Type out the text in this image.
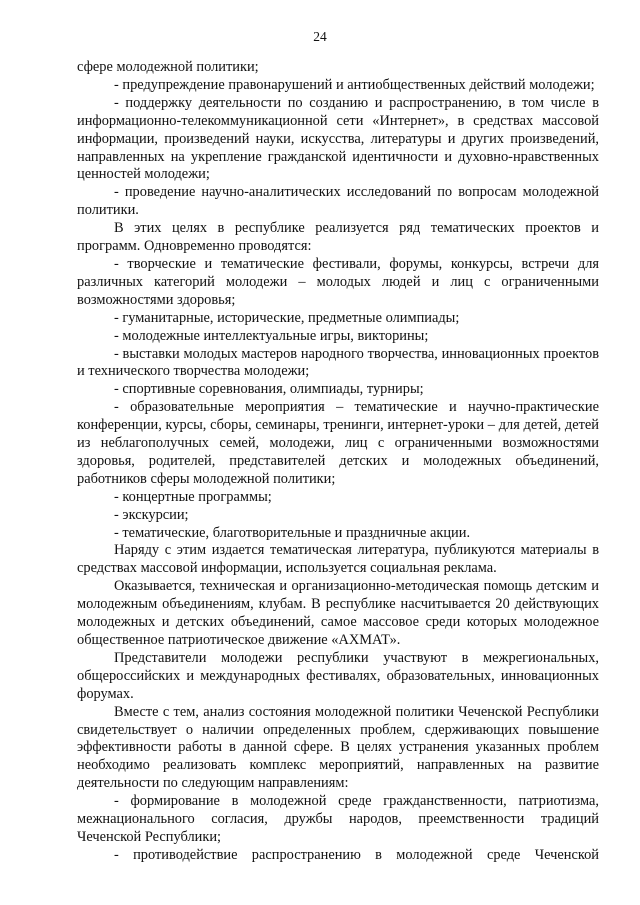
24

сфере молодежной политики;

- предупреждение правонарушений и антиобщественных действий молодежи;

- поддержку деятельности по созданию и распространению, в том числе в информационно-телекоммуникационной сети «Интернет», в средствах массовой информации, произведений науки, искусства, литературы и других произведений, направленных на укрепление гражданской идентичности и духовно-нравственных ценностей молодежи;

- проведение научно-аналитических исследований по вопросам молодежной политики.

В этих целях в республике реализуется ряд тематических проектов и программ. Одновременно проводятся:

- творческие и тематические фестивали, форумы, конкурсы, встречи для различных категорий молодежи – молодых людей и лиц с ограниченными возможностями здоровья;

- гуманитарные, исторические, предметные олимпиады;

- молодежные интеллектуальные игры, викторины;

- выставки молодых мастеров народного творчества, инновационных проектов и технического творчества молодежи;

- спортивные соревнования, олимпиады, турниры;

- образовательные мероприятия – тематические и научно-практические конференции, курсы, сборы, семинары, тренинги, интернет-уроки – для детей, детей из неблагополучных семей, молодежи, лиц с ограниченными возможностями здоровья, родителей, представителей детских и молодежных объединений, работников сферы молодежной политики;

- концертные программы;

- экскурсии;

- тематические, благотворительные и праздничные акции.

Наряду с этим издается тематическая литература, публикуются материалы в средствах массовой информации, используется социальная реклама.

Оказывается, техническая и организационно-методическая помощь детским и молодежным объединениям, клубам. В республике насчитывается 20 действующих молодежных и детских объединений, самое массовое среди которых молодежное общественное патриотическое движение «АХМАТ».

Представители молодежи республики участвуют в межрегиональных, общероссийских и международных фестивалях, образовательных, инновационных форумах.

Вместе с тем, анализ состояния молодежной политики Чеченской Республики свидетельствует о наличии определенных проблем, сдерживающих повышение эффективности работы в данной сфере. В целях устранения указанных проблем необходимо реализовать комплекс мероприятий, направленных на развитие деятельности по следующим направлениям:

- формирование в молодежной среде гражданственности, патриотизма, межнационального согласия, дружбы народов, преемственности традиций Чеченской Республики;

- противодействие распространению в молодежной среде Чеченской
